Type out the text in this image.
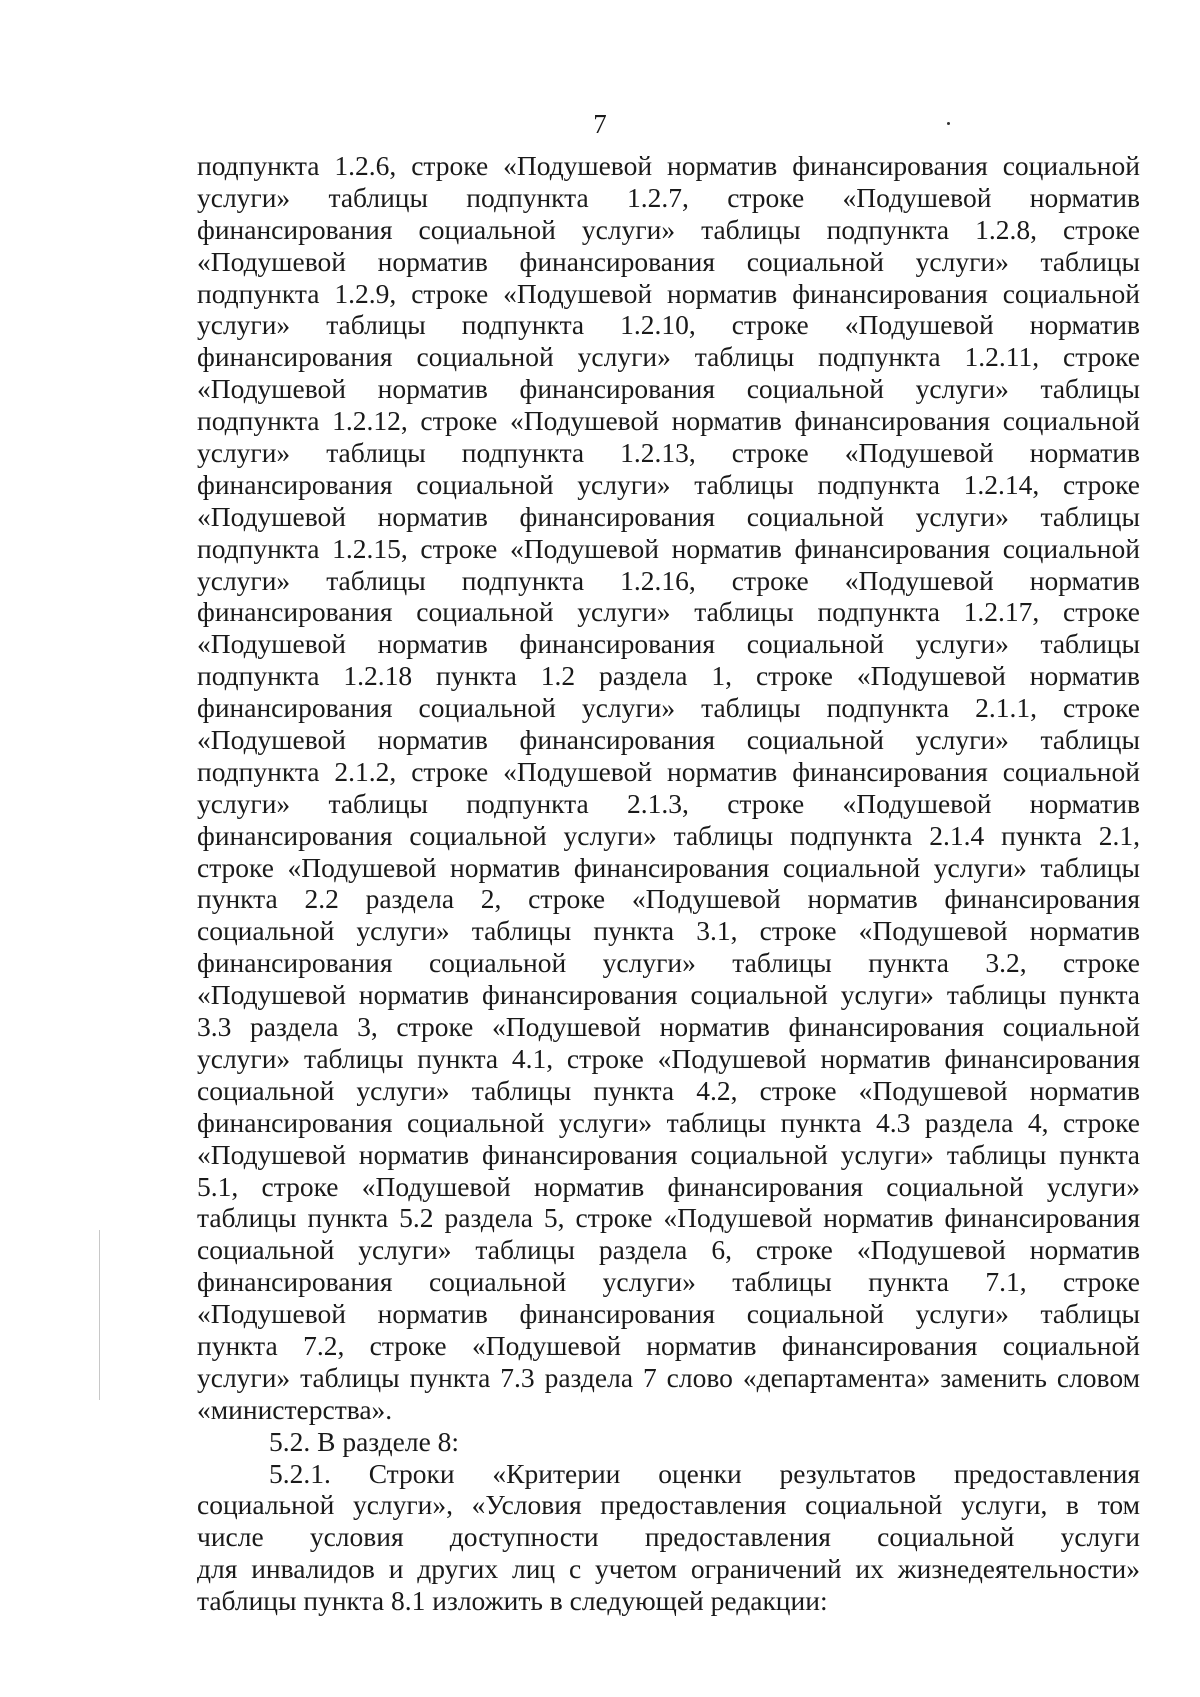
7
подпункта 1.2.6, строке «Подушевой норматив финансирования социальной
услуги» таблицы подпункта 1.2.7, строке «Подушевой норматив
финансирования социальной услуги» таблицы подпункта 1.2.8, строке
«Подушевой норматив финансирования социальной услуги» таблицы
подпункта 1.2.9, строке «Подушевой норматив финансирования социальной
услуги» таблицы подпункта 1.2.10, строке «Подушевой норматив
финансирования социальной услуги» таблицы подпункта 1.2.11, строке
«Подушевой норматив финансирования социальной услуги» таблицы
подпункта 1.2.12, строке «Подушевой норматив финансирования социальной
услуги» таблицы подпункта 1.2.13, строке «Подушевой норматив
финансирования социальной услуги» таблицы подпункта 1.2.14, строке
«Подушевой норматив финансирования социальной услуги» таблицы
подпункта 1.2.15, строке «Подушевой норматив финансирования социальной
услуги» таблицы подпункта 1.2.16, строке «Подушевой норматив
финансирования социальной услуги» таблицы подпункта 1.2.17, строке
«Подушевой норматив финансирования социальной услуги» таблицы
подпункта 1.2.18 пункта 1.2 раздела 1, строке «Подушевой норматив
финансирования социальной услуги» таблицы подпункта 2.1.1, строке
«Подушевой норматив финансирования социальной услуги» таблицы
подпункта 2.1.2, строке «Подушевой норматив финансирования социальной
услуги» таблицы подпункта 2.1.3, строке «Подушевой норматив
финансирования социальной услуги» таблицы подпункта 2.1.4 пункта 2.1,
строке «Подушевой норматив финансирования социальной услуги» таблицы
пункта 2.2 раздела 2, строке «Подушевой норматив финансирования
социальной услуги» таблицы пункта 3.1, строке «Подушевой норматив
финансирования социальной услуги» таблицы пункта 3.2, строке
«Подушевой норматив финансирования социальной услуги» таблицы пункта
3.3 раздела 3, строке «Подушевой норматив финансирования социальной
услуги» таблицы пункта 4.1, строке «Подушевой норматив финансирования
социальной услуги» таблицы пункта 4.2, строке «Подушевой норматив
финансирования социальной услуги» таблицы пункта 4.3 раздела 4, строке
«Подушевой норматив финансирования социальной услуги» таблицы пункта
5.1, строке «Подушевой норматив финансирования социальной услуги»
таблицы пункта 5.2 раздела 5, строке «Подушевой норматив финансирования
социальной услуги» таблицы раздела 6, строке «Подушевой норматив
финансирования социальной услуги» таблицы пункта 7.1, строке
«Подушевой норматив финансирования социальной услуги» таблицы
пункта 7.2, строке «Подушевой норматив финансирования социальной
услуги» таблицы пункта 7.3 раздела 7 слово «департамента» заменить словом
«министерства».
5.2. В разделе 8:
5.2.1. Строки «Критерии оценки результатов предоставления
социальной услуги», «Условия предоставления социальной услуги, в том
числе условия доступности предоставления социальной услуги
для инвалидов и других лиц с учетом ограничений их жизнедеятельности»
таблицы пункта 8.1 изложить в следующей редакции:
